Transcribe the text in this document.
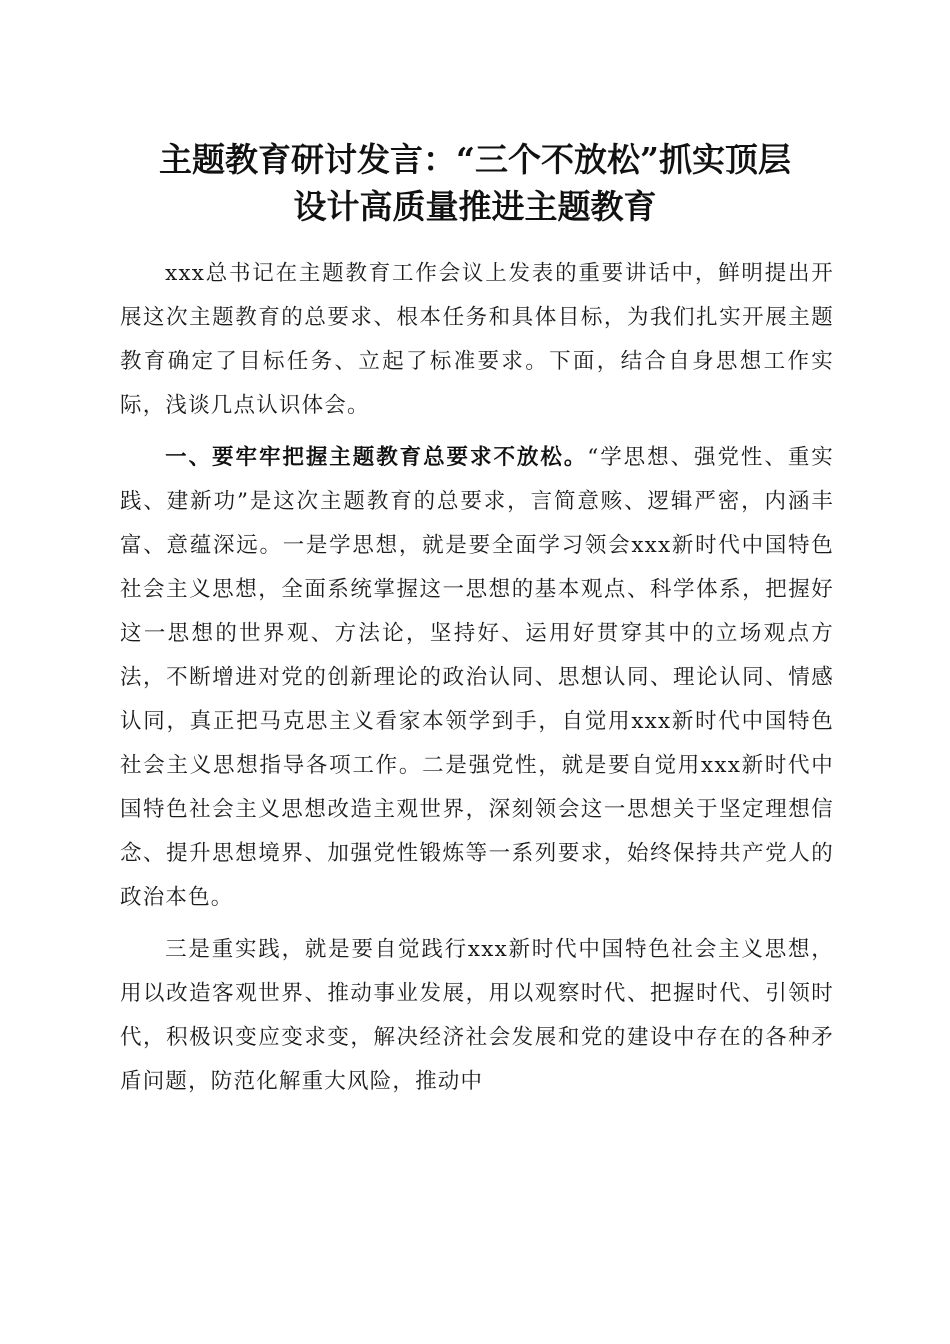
主题教育研讨发言：“三个不放松”抓实顶层
设计高质量推进主题教育

xxx总书记在主题教育工作会议上发表的重要讲话中，鲜明提出开展这次主题教育的总要求、根本任务和具体目标，为我们扎实开展主题教育确定了目标任务、立起了标准要求。下面，结合自身思想工作实际，浅谈几点认识体会。

一、要牢牢把握主题教育总要求不放松。“学思想、强党性、重实践、建新功”是这次主题教育的总要求，言简意赅、逻辑严密，内涵丰富、意蕴深远。一是学思想，就是要全面学习领会xxx新时代中国特色社会主义思想，全面系统掌握这一思想的基本观点、科学体系，把握好这一思想的世界观、方法论，坚持好、运用好贯穿其中的立场观点方法，不断增进对党的创新理论的政治认同、思想认同、理论认同、情感认同，真正把马克思主义看家本领学到手，自觉用xxx新时代中国特色社会主义思想指导各项工作。二是强党性，就是要自觉用xxx新时代中国特色社会主义思想改造主观世界，深刻领会这一思想关于坚定理想信念、提升思想境界、加强党性锻炼等一系列要求，始终保持共产党人的政治本色。

三是重实践，就是要自觉践行xxx新时代中国特色社会主义思想，用以改造客观世界、推动事业发展，用以观察时代、把握时代、引领时代，积极识变应变求变，解决经济社会发展和党的建设中存在的各种矛盾问题，防范化解重大风险，推动中
